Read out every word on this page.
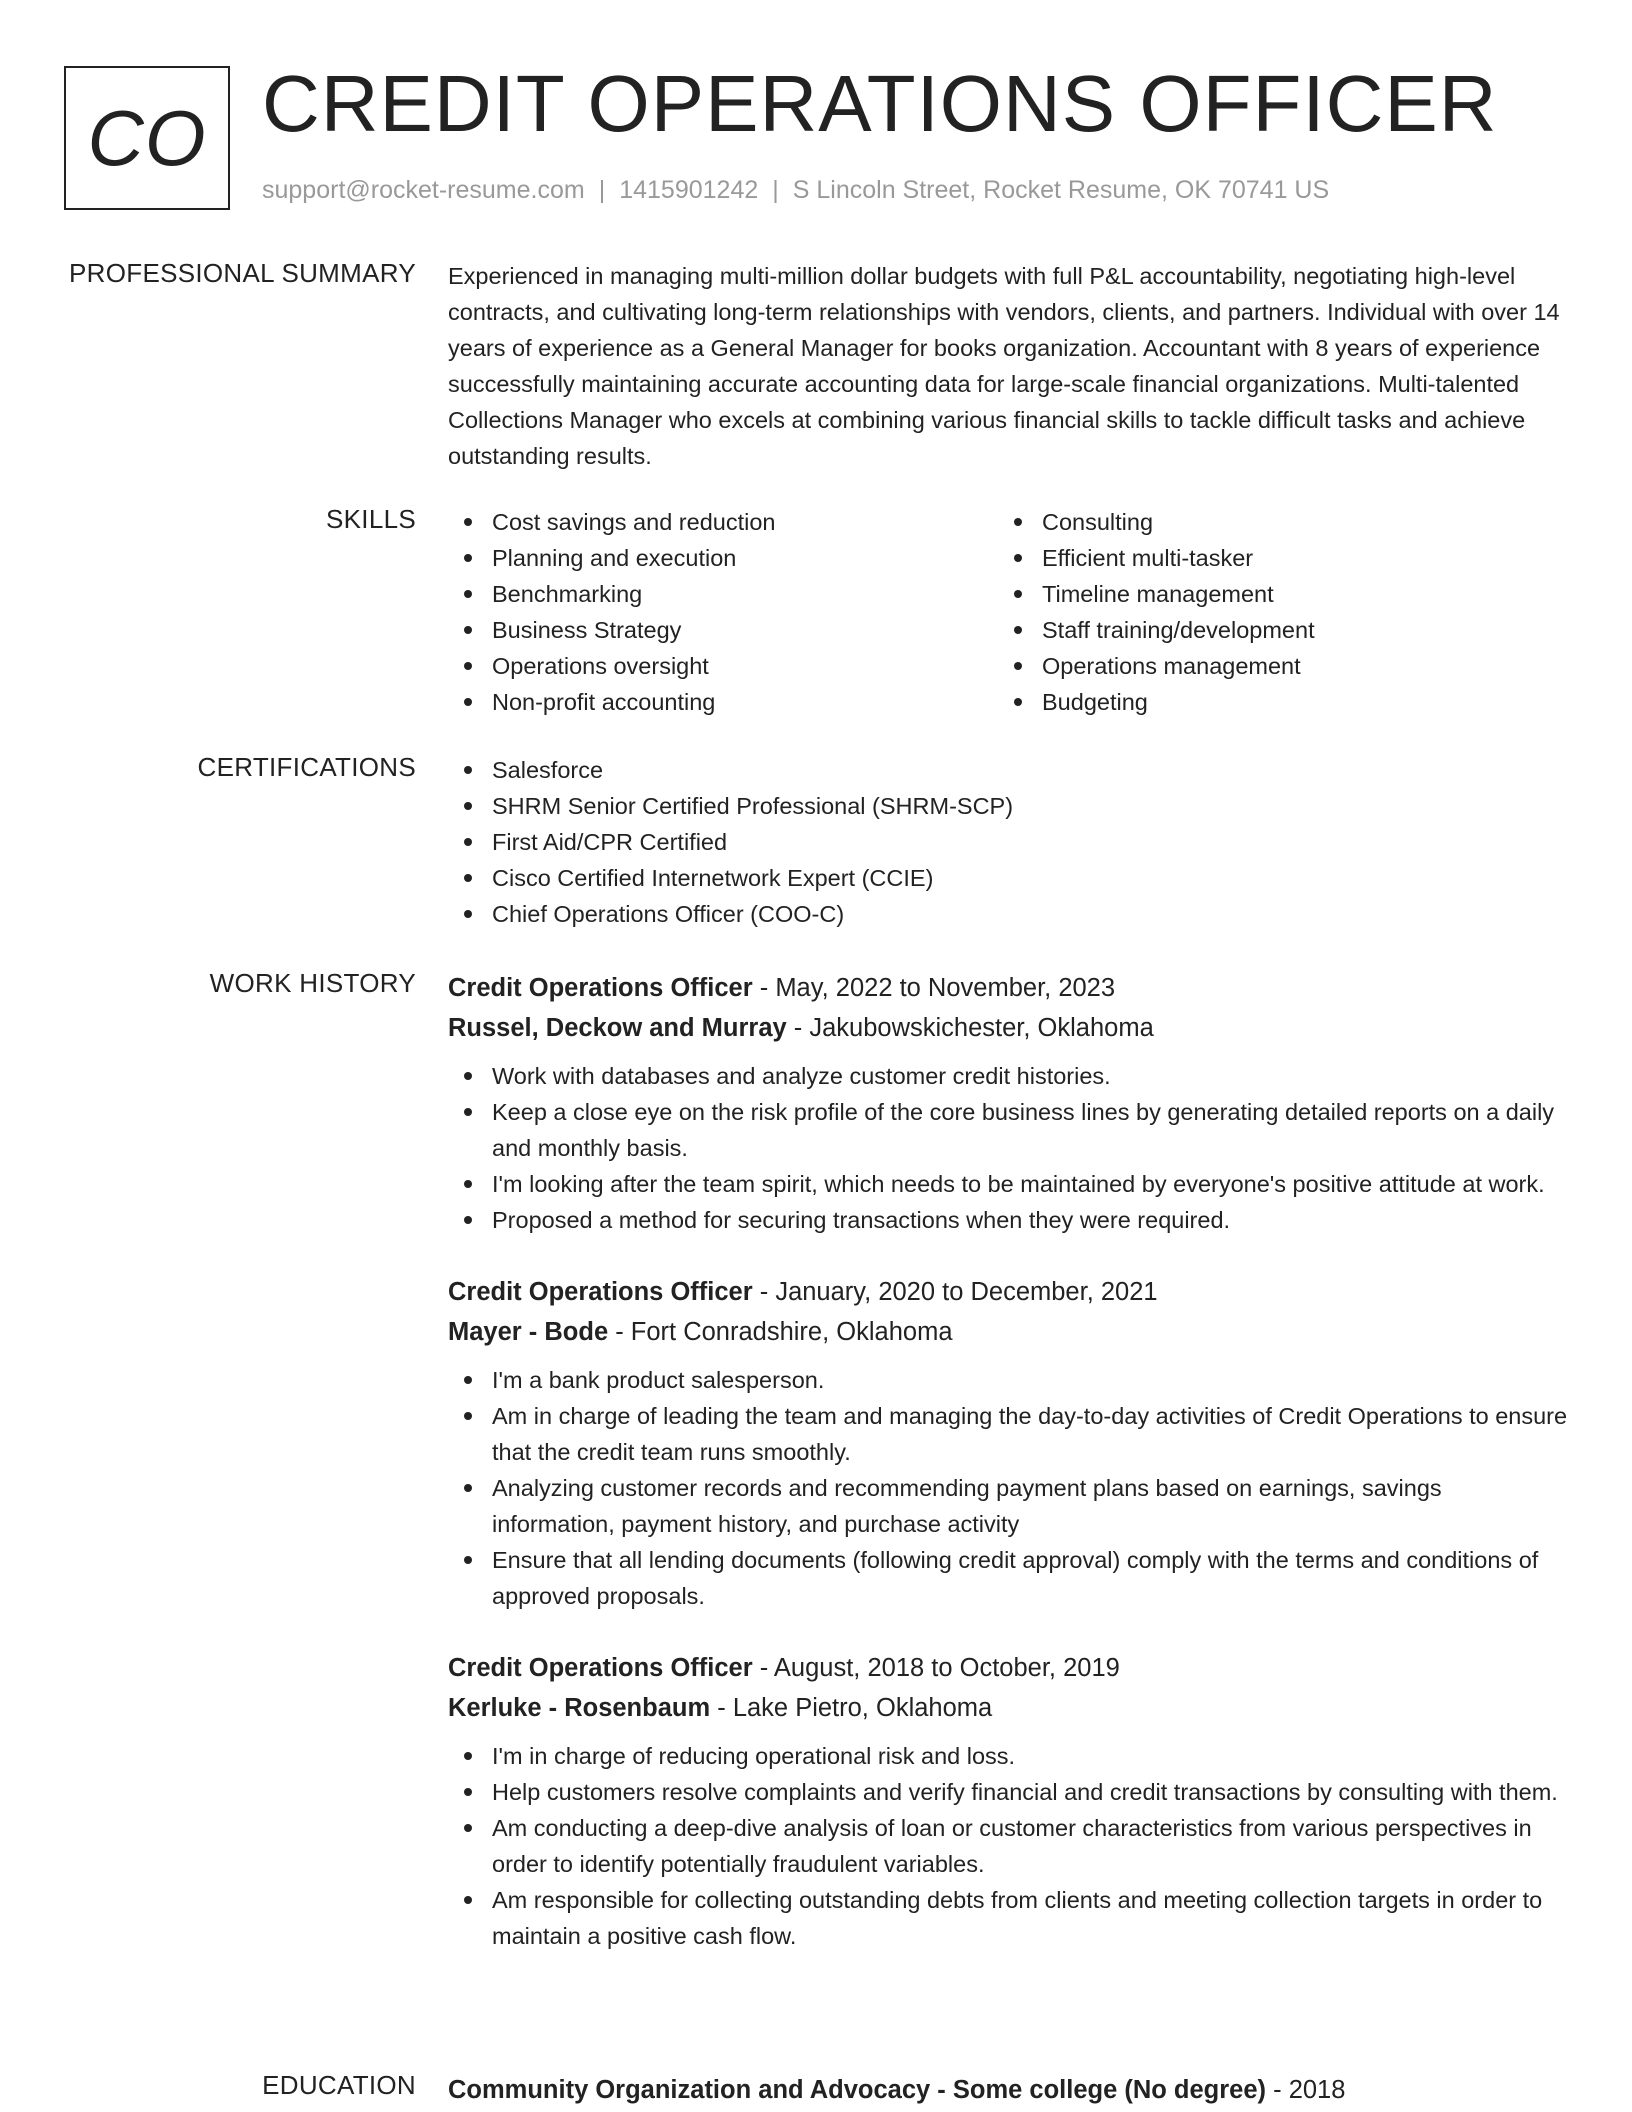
CO CREDIT OPERATIONS OFFICER
support@rocket-resume.com | 1415901242 | S Lincoln Street, Rocket Resume, OK 70741 US
PROFESSIONAL SUMMARY Experienced in managing multi-million dollar budgets with full P&L accountability, negotiating high-level contracts, and cultivating long-term relationships with vendors, clients, and partners. Individual with over 14 years of experience as a General Manager for books organization. Accountant with 8 years of experience successfully maintaining accurate accounting data for large-scale financial organizations. Multi-talented Collections Manager who excels at combining various financial skills to tackle difficult tasks and achieve outstanding results.
SKILLS	Cost savings and reduction
Planning and execution
Benchmarking
Business Strategy
Operations oversight
Non-profit accounting
Consulting
Efficient multi-tasker
Timeline management
Staff training/development
Operations management
Budgeting
CERTIFICATIONS	Salesforce
SHRM Senior Certified Professional (SHRM-SCP)
First Aid/CPR Certified
Cisco Certified Internetwork Expert (CCIE)
Chief Operations Officer (COO-C)
WORK HISTORY Credit Operations Officer - May, 2022 to November, 2023
Russel, Deckow and Murray - Jakubowskichester, Oklahoma
Work with databases and analyze customer credit histories.
Keep a close eye on the risk profile of the core business lines by generating detailed reports on a daily and monthly basis.
I'm looking after the team spirit, which needs to be maintained by everyone's positive attitude at work.
Proposed a method for securing transactions when they were required.
Credit Operations Officer - January, 2020 to December, 2021
Mayer - Bode - Fort Conradshire, Oklahoma
I'm a bank product salesperson.
Am in charge of leading the team and managing the day-to-day activities of Credit Operations to ensure that the credit team runs smoothly.
Analyzing customer records and recommending payment plans based on earnings, savings information, payment history, and purchase activity
Ensure that all lending documents (following credit approval) comply with the terms and conditions of approved proposals.
Credit Operations Officer - August, 2018 to October, 2019
Kerluke - Rosenbaum - Lake Pietro, Oklahoma
I'm in charge of reducing operational risk and loss.
Help customers resolve complaints and verify financial and credit transactions by consulting with them.
Am conducting a deep-dive analysis of loan or customer characteristics from various perspectives in order to identify potentially fraudulent variables.
Am responsible for collecting outstanding debts from clients and meeting collection targets in order to maintain a positive cash flow.
EDUCATION Community Organization and Advocacy - Some college (No degree) - 2018
